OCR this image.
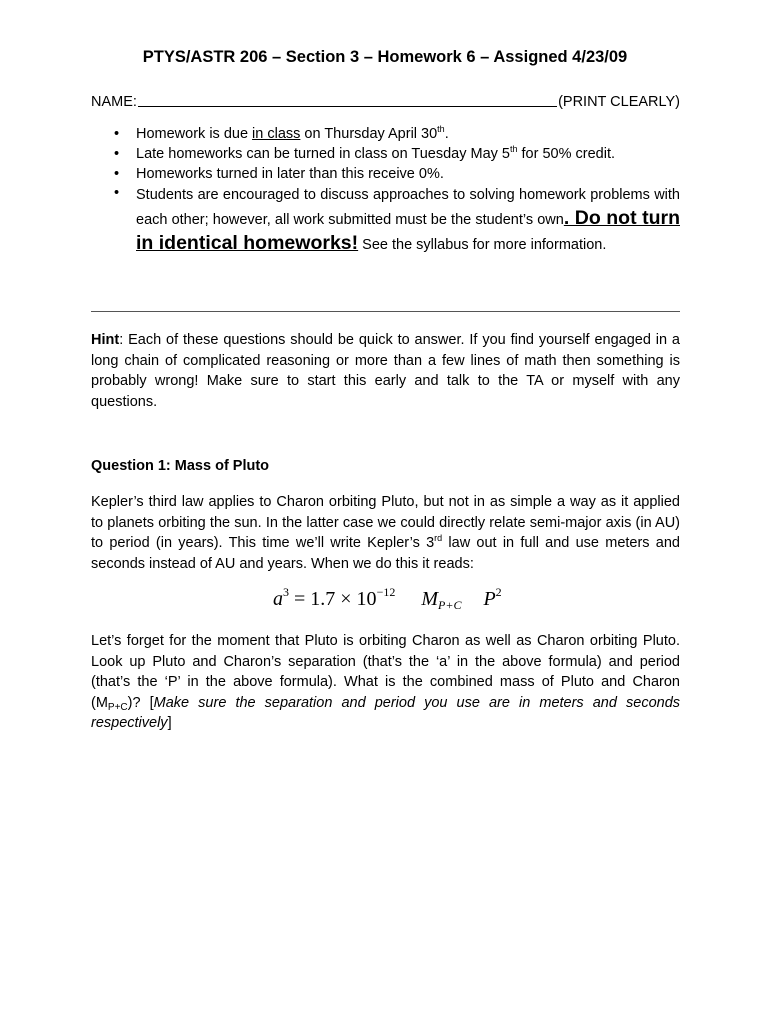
PTYS/ASTR 206 – Section 3 – Homework 6 – Assigned 4/23/09
NAME:	(PRINT CLEARLY)
• Homework is due in class on Thursday April 30th.
• Late homeworks can be turned in class on Tuesday May 5th for 50% credit.
• Homeworks turned in later than this receive 0%.
• Students are encouraged to discuss approaches to solving homework problems with each other; however, all work submitted must be the student’s own. Do not turn in identical homeworks! See the syllabus for more information.

Hint: Each of these questions should be quick to answer. If you find yourself engaged in a long chain of complicated reasoning or more than a few lines of math then something is probably wrong! Make sure to start this early and talk to the TA or myself with any questions.

Question 1: Mass of Pluto

Kepler’s third law applies to Charon orbiting Pluto, but not in as simple a way as it applied to planets orbiting the sun. In the latter case we could directly relate semi-major axis (in AU) to period (in years). This time we’ll write Kepler’s 3rd law out in full and use meters and seconds instead of AU and years. When we do this it reads:

$a^3 = 1.7 \times 10^{-12}$ $M_{P+C}$ $P^2$

Let’s forget for the moment that Pluto is orbiting Charon as well as Charon orbiting Pluto. Look up Pluto and Charon’s separation (that’s the ‘a’ in the above formula) and period (that’s the ‘P’ in the above formula). What is the combined mass of Pluto and Charon $(M_{P+C})$? [Make sure the separation and period you use are in meters and seconds respectively]
